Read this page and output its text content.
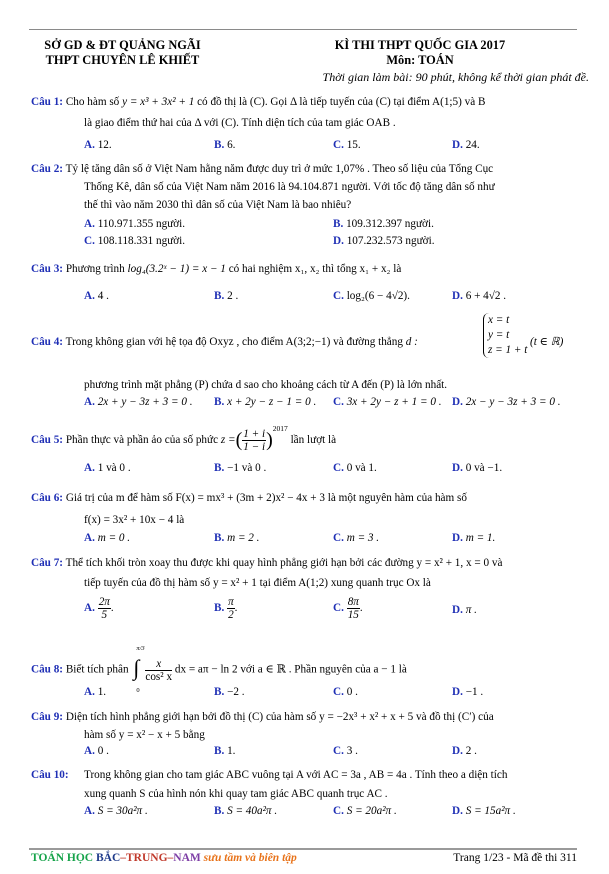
SỞ GD & ĐT QUẢNG NGÃI
THPT CHUYÊN LÊ KHIẾT
KÌ THI THPT QUỐC GIA 2017
Môn: TOÁN
Thời gian làm bài: 90 phút, không kể thời gian phát đề.
Câu 1: Cho hàm số y = x³ + 3x² + 1 có đồ thị là (C). Gọi Δ là tiếp tuyến của (C) tại điểm A(1;5) và B
là giao điểm thứ hai của Δ với (C). Tính diện tích của tam giác OAB .
A. 12.	B. 6.	C. 15.	D. 24.
Câu 2: Tỷ lệ tăng dân số ở Việt Nam hằng năm được duy trì ở mức 1,07% . Theo số liệu của Tổng Cục
Thống Kê, dân số của Việt Nam năm 2016 là 94.104.871 người. Với tốc độ tăng dân số như
thế thì vào năm 2030 thì dân số của Việt Nam là bao nhiêu?
A. 110.971.355 người.	B. 109.312.397 người.
C. 108.118.331 người.	D. 107.232.573 người.
Câu 3: Phương trình log₄(3.2ˣ − 1) = x − 1 có hai nghiệm x₁, x₂ thì tổng x₁ + x₂ là
A. 4 .	B. 2 .	C. log₂(6 − 4√2).	D. 6 + 4√2 .
Câu 4: Trong không gian với hệ tọa độ Oxyz , cho điểm A(3;2;−1) và đường thẳng d :
x = t
y = t
z = 1 + t
(t ∈ ℝ)
phương trình mặt phẳng (P) chứa d sao cho khoảng cách từ A đến (P) là lớn nhất.
A. 2x + y − 3z + 3 = 0 . B. x + 2y − z − 1 = 0 . C. 3x + 2y − z + 1 = 0 . D. 2x − y − 3z + 3 = 0 .
Câu 5: Phần thực và phần ảo của số phức z =( $\frac{1 + i}{1 - i} )^{2017}$ lần lượt là
A. 1 và 0 .	B. −1 và 0 .	C. 0 và 1.	D. 0 và −1.
Câu 6: Giá trị của m để hàm số F(x) = mx³ + (3m + 2)x² − 4x + 3 là một nguyên hàm của hàm số
f(x) = 3x² + 10x − 4 là
A. m = 0 .	B. m = 2 .	C. m = 3 .	D. m = 1.
Câu 7: Thể tích khối tròn xoay thu được khi quay hình phẳng giới hạn bởi các đường y = x² + 1, x = 0 và
tiếp tuyến của đồ thị hàm số y = x² + 1 tại điểm A(1;2) xung quanh trục Ox là
A. $\frac{2\pi}{5}$ .	B. $\frac{\pi}{2}$ .	C. $\frac{8\pi}{15}$ .	D. π .
Câu 8: Biết tích phân
π/3
∫
0
$\frac{x}{\text{cos² x}}$ dx = aπ − ln 2 với a ∈ ℝ . Phần nguyên của a − 1 là
A. 1.	B. −2 .	C. 0 .	D. −1 .
Câu 9: Diện tích hình phẳng giới hạn bởi đồ thị (C) của hàm số y = −2x³ + x² + x + 5 và đồ thị (C′) của
hàm số y = x² − x + 5 bằng
A. 0 .	B. 1.	C. 3 .	D. 2 .
Câu 10: Trong không gian cho tam giác ABC vuông tại A với AC = 3a , AB = 4a . Tính theo a diện tích
xung quanh S của hình nón khi quay tam giác ABC quanh trục AC .
A. S = 30a²π .	B. S = 40a²π .	C. S = 20a²π .	D. S = 15a²π .
TOÁN HỌC BẮC–TRUNG–NAM sưu tầm và biên tập	Trang 1/23 - Mã đề thi 311
